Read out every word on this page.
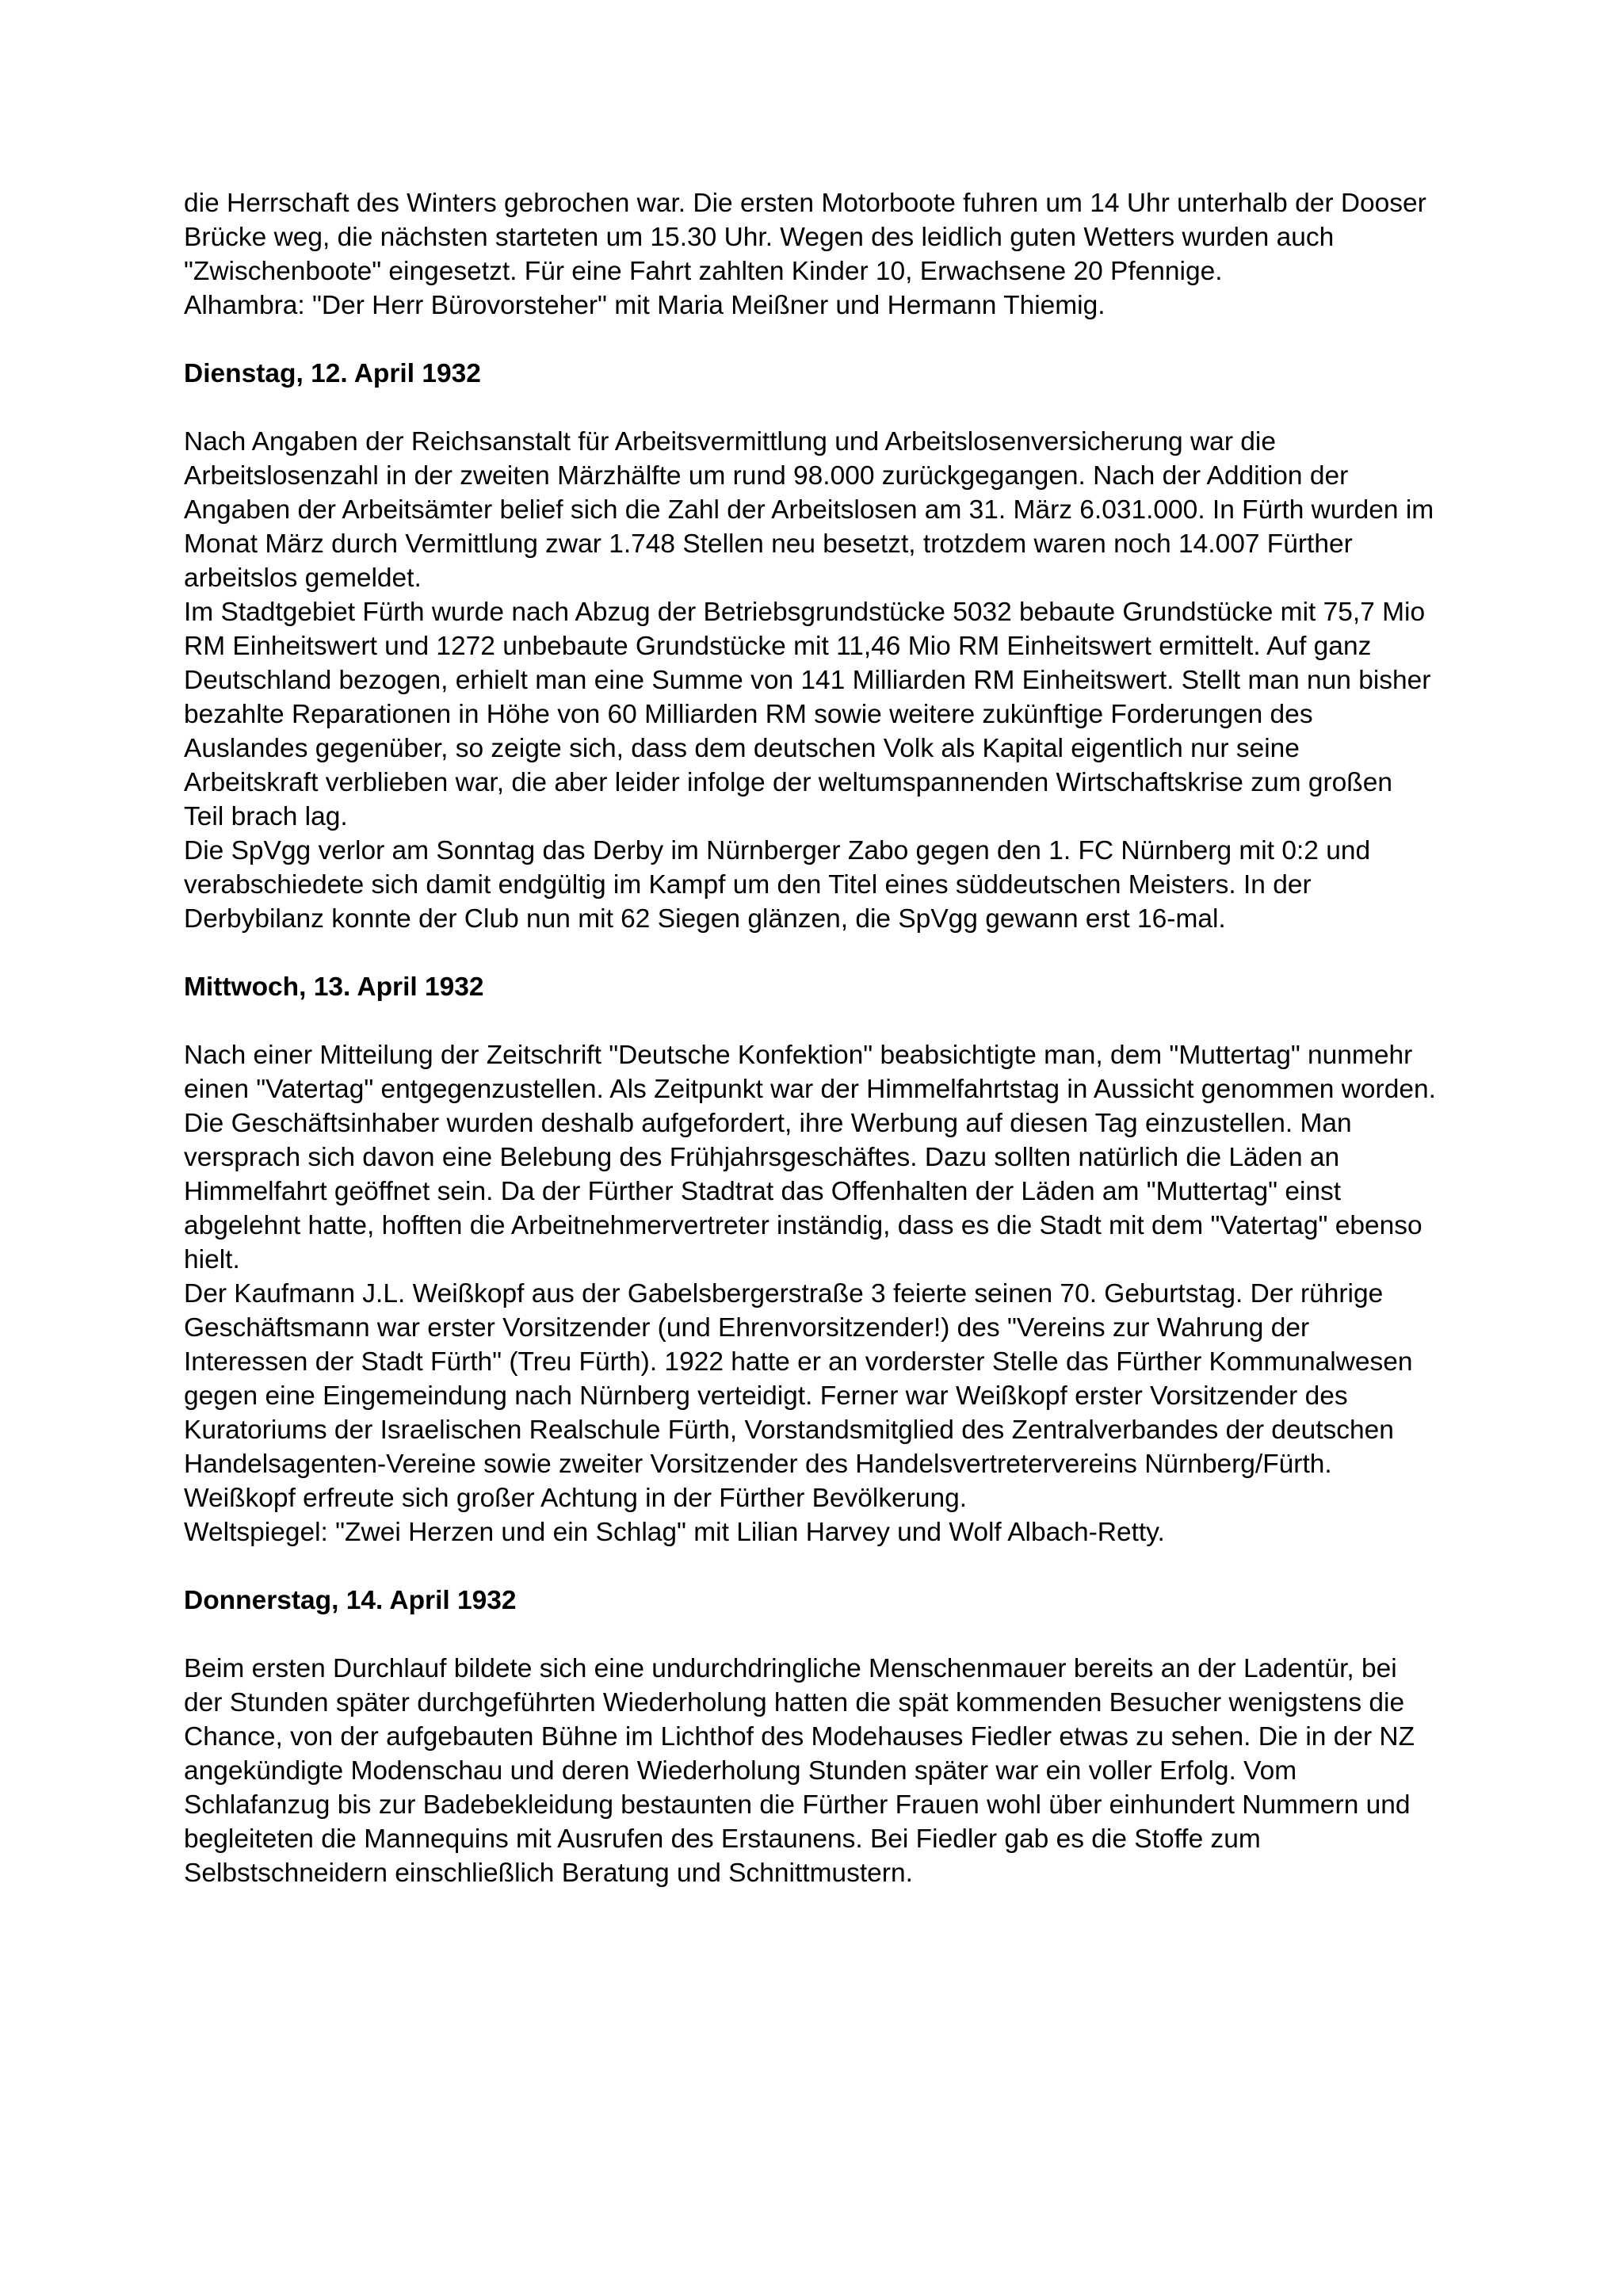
die Herrschaft des Winters gebrochen war. Die ersten Motorboote fuhren um 14 Uhr unterhalb der Dooser Brücke weg, die nächsten starteten um 15.30 Uhr. Wegen des leidlich guten Wetters wurden auch "Zwischenboote" eingesetzt. Für eine Fahrt zahlten Kinder 10, Erwachsene 20 Pfennige.

Alhambra: "Der Herr Bürovorsteher" mit Maria Meißner und Hermann Thiemig.

Dienstag, 12. April 1932

Nach Angaben der Reichsanstalt für Arbeitsvermittlung und Arbeitslosenversicherung war die Arbeitslosenzahl in der zweiten Märzhälfte um rund 98.000 zurückgegangen. Nach der Addition der Angaben der Arbeitsämter belief sich die Zahl der Arbeitslosen am 31. März 6.031.000. In Fürth wurden im Monat März durch Vermittlung zwar 1.748 Stellen neu besetzt, trotzdem waren noch 14.007 Fürther arbeitslos gemeldet.

Im Stadtgebiet Fürth wurde nach Abzug der Betriebsgrundstücke 5032 bebaute Grundstücke mit 75,7 Mio RM Einheitswert und 1272 unbebaute Grundstücke mit 11,46 Mio RM Einheitswert ermittelt. Auf ganz Deutschland bezogen, erhielt man eine Summe von 141 Milliarden RM Einheitswert. Stellt man nun bisher bezahlte Reparationen in Höhe von 60 Milliarden RM sowie weitere zukünftige Forderungen des Auslandes gegenüber, so zeigte sich, dass dem deutschen Volk als Kapital eigentlich nur seine Arbeitskraft verblieben war, die aber leider infolge der weltumspannenden Wirtschaftskrise zum großen Teil brach lag.

Die SpVgg verlor am Sonntag das Derby im Nürnberger Zabo gegen den 1. FC Nürnberg mit 0:2 und verabschiedete sich damit endgültig im Kampf um den Titel eines süddeutschen Meisters. In der Derbybilanz konnte der Club nun mit 62 Siegen glänzen, die SpVgg gewann erst 16-mal.

Mittwoch, 13. April 1932

Nach einer Mitteilung der Zeitschrift "Deutsche Konfektion" beabsichtigte man, dem "Muttertag" nunmehr einen "Vatertag" entgegenzustellen. Als Zeitpunkt war der Himmelfahrtstag in Aussicht genommen worden. Die Geschäftsinhaber wurden deshalb aufgefordert, ihre Werbung auf diesen Tag einzustellen. Man versprach sich davon eine Belebung des Frühjahrsgeschäftes. Dazu sollten natürlich die Läden an Himmelfahrt geöffnet sein. Da der Fürther Stadtrat das Offenhalten der Läden am "Muttertag" einst abgelehnt hatte, hofften die Arbeitnehmervertreter inständig, dass es die Stadt mit dem "Vatertag" ebenso hielt.

Der Kaufmann J.L. Weißkopf aus der Gabelsbergerstraße 3 feierte seinen 70. Geburtstag. Der rührige Geschäftsmann war erster Vorsitzender (und Ehrenvorsitzender!) des "Vereins zur Wahrung der Interessen der Stadt Fürth" (Treu Fürth). 1922 hatte er an vorderster Stelle das Fürther Kommunalwesen gegen eine Eingemeindung nach Nürnberg verteidigt. Ferner war Weißkopf erster Vorsitzender des Kuratoriums der Israelischen Realschule Fürth, Vorstandsmitglied des Zentralverbandes der deutschen Handelsagenten-Vereine sowie zweiter Vorsitzender des Handelsvertretervereins Nürnberg/Fürth. Weißkopf erfreute sich großer Achtung in der Fürther Bevölkerung.

Weltspiegel: "Zwei Herzen und ein Schlag" mit Lilian Harvey und Wolf Albach-Retty.

Donnerstag, 14. April 1932

Beim ersten Durchlauf bildete sich eine undurchdringliche Menschenmauer bereits an der Ladentür, bei der Stunden später durchgeführten Wiederholung hatten die spät kommenden Besucher wenigstens die Chance, von der aufgebauten Bühne im Lichthof des Modehauses Fiedler etwas zu sehen. Die in der NZ angekündigte Modenschau und deren Wiederholung Stunden später war ein voller Erfolg. Vom Schlafanzug bis zur Badebekleidung bestaunten die Fürther Frauen wohl über einhundert Nummern und begleiteten die Mannequins mit Ausrufen des Erstaunens. Bei Fiedler gab es die Stoffe zum Selbstschneidern einschließlich Beratung und Schnittmustern.
